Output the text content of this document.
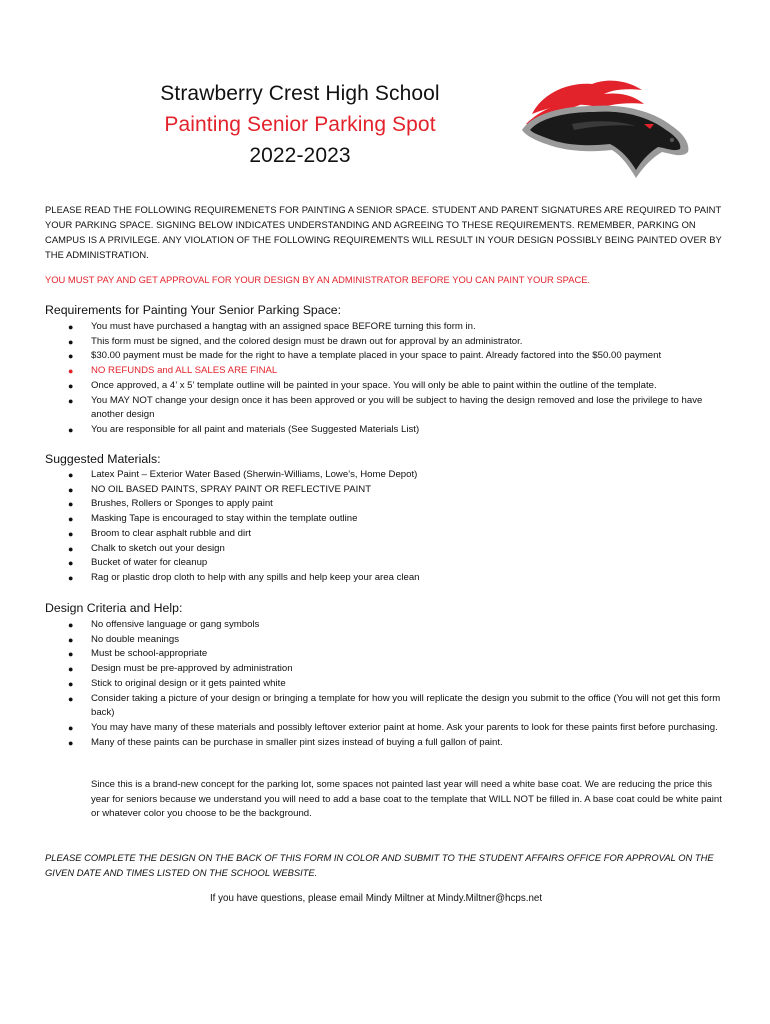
Strawberry Crest High School
Painting Senior Parking Spot
2022-2023
PLEASE READ THE FOLLOWING REQUIREMENETS FOR PAINTING A SENIOR SPACE. STUDENT AND PARENT SIGNATURES ARE REQUIRED TO PAINT YOUR PARKING SPACE. SIGNING BELOW INDICATES UNDERSTANDING AND AGREEING TO THESE REQUIREMENTS. REMEMBER, PARKING ON CAMPUS IS A PRIVILEGE. ANY VIOLATION OF THE FOLLOWING REQUIREMENTS WILL RESULT IN YOUR DESIGN POSSIBLY BEING PAINTED OVER BY THE ADMINISTRATION.
YOU MUST PAY AND GET APPROVAL FOR YOUR DESIGN BY AN ADMINISTRATOR BEFORE YOU CAN PAINT YOUR SPACE.
Requirements for Painting Your Senior Parking Space:
● You must have purchased a hangtag with an assigned space BEFORE turning this form in.
● This form must be signed, and the colored design must be drawn out for approval by an administrator.
● $30.00 payment must be made for the right to have a template placed in your space to paint. Already factored into the $50.00 payment
● NO REFUNDS and ALL SALES ARE FINAL
● Once approved, a 4’ x 5’ template outline will be painted in your space. You will only be able to paint within the outline of the template.
● You MAY NOT change your design once it has been approved or you will be subject to having the design removed and lose the privilege to have another design
● You are responsible for all paint and materials (See Suggested Materials List)
Suggested Materials:
● Latex Paint – Exterior Water Based (Sherwin-Williams, Lowe’s, Home Depot)
● NO OIL BASED PAINTS, SPRAY PAINT OR REFLECTIVE PAINT
● Brushes, Rollers or Sponges to apply paint
● Masking Tape is encouraged to stay within the template outline
● Broom to clear asphalt rubble and dirt
● Chalk to sketch out your design
● Bucket of water for cleanup
● Rag or plastic drop cloth to help with any spills and help keep your area clean
Design Criteria and Help:
● No offensive language or gang symbols
● No double meanings
● Must be school-appropriate
● Design must be pre-approved by administration
● Stick to original design or it gets painted white
● Consider taking a picture of your design or bringing a template for how you will replicate the design you submit to the office (You will not get this form back)
● You may have many of these materials and possibly leftover exterior paint at home. Ask your parents to look for these paints first before purchasing.
● Many of these paints can be purchase in smaller pint sizes instead of buying a full gallon of paint.
Since this is a brand-new concept for the parking lot, some spaces not painted last year will need a white base coat. We are reducing the price this year for seniors because we understand you will need to add a base coat to the template that WILL NOT be filled in. A base coat could be white paint or whatever color you choose to be the background.
PLEASE COMPLETE THE DESIGN ON THE BACK OF THIS FORM IN COLOR AND SUBMIT TO THE STUDENT AFFAIRS OFFICE FOR APPROVAL ON THE GIVEN DATE AND TIMES LISTED ON THE SCHOOL WEBSITE.
If you have questions, please email Mindy Miltner at Mindy.Miltner@hcps.net
